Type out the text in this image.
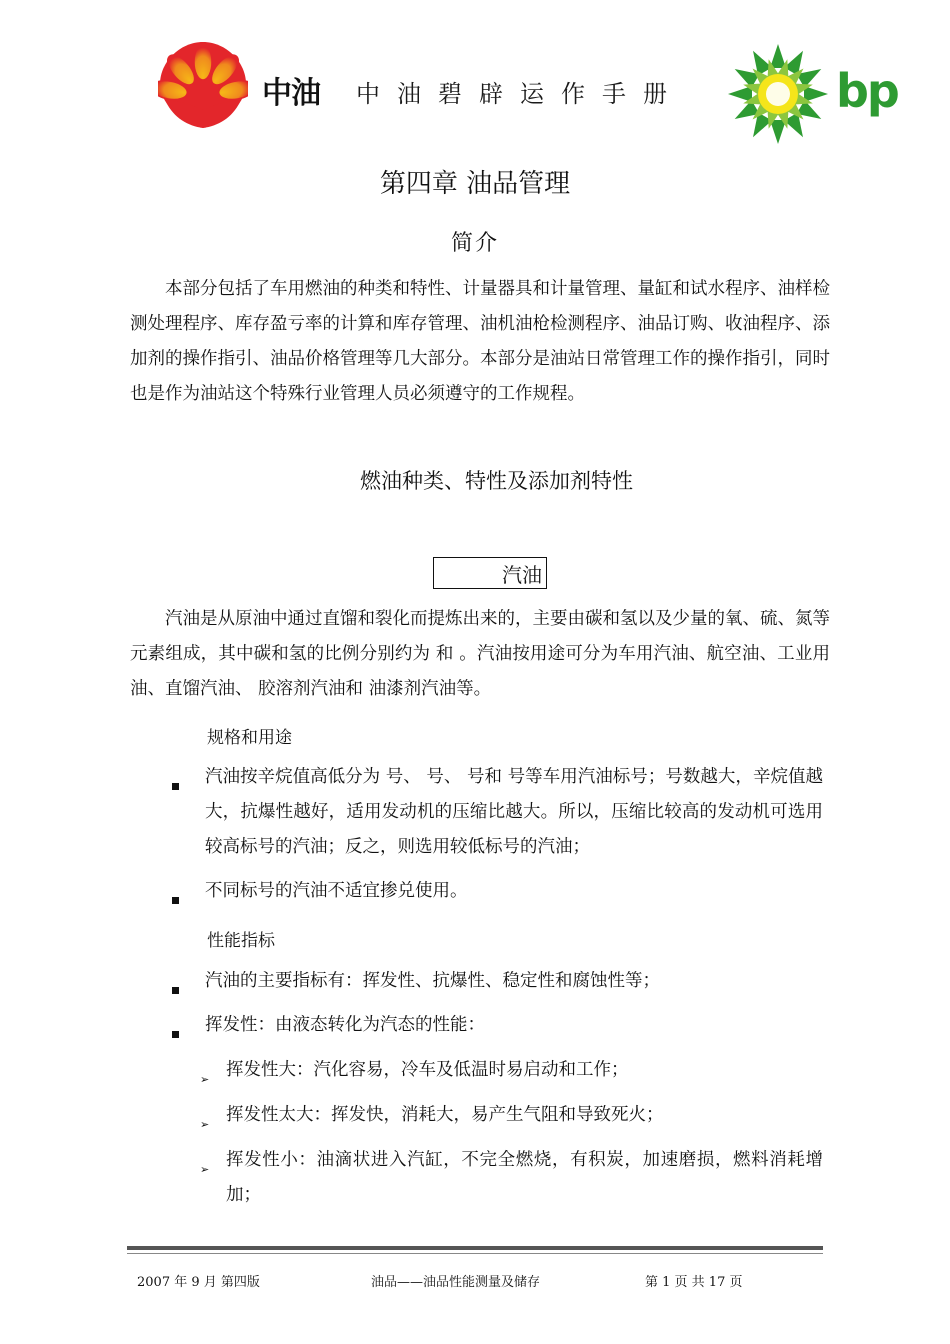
中油 中油碧辟运作手册	bp
第四章 油品管理
简介

本部分包括了车用燃油的种类和特性、计量器具和计量管理、量缸和试水程序、油样检测处理程序、库存盈亏率的计算和库存管理、油机油枪检测程序、油品订购、收油程序、添加剂的操作指引、油品价格管理等几大部分。本部分是油站日常管理工作的操作指引，同时也是作为油站这个特殊行业管理人员必须遵守的工作规程。

燃油种类、特性及添加剂特性
汽油

汽油是从原油中通过直馏和裂化而提炼出来的，主要由碳和氢以及少量的氧、硫、氮等元素组成，其中碳和氢的比例分别约为 和 。汽油按用途可分为车用汽油、航空油、工业用油、直馏汽油、 胶溶剂汽油和 油漆剂汽油等。

规格和用途

汽油按辛烷值高低分为 号、 号、 号和 号等车用汽油标号；号数越大，辛烷值越大，抗爆性越好，适用发动机的压缩比越大。所以，压缩比较高的发动机可选用较高标号的汽油；反之，则选用较低标号的汽油；

不同标号的汽油不适宜掺兑使用。

性能指标

汽油的主要指标有：挥发性、抗爆性、稳定性和腐蚀性等；

挥发性：由液态转化为汽态的性能：

➢ 挥发性大：汽化容易，冷车及低温时易启动和工作；

➢ 挥发性太大：挥发快，消耗大，易产生气阻和导致死火；

➢ 挥发性小：油滴状进入汽缸，不完全燃烧，有积炭，加速磨损，燃料消耗增加；

2007 年 9 月 第四版	油品——油品性能测量及储存	第 1 页 共 17 页
